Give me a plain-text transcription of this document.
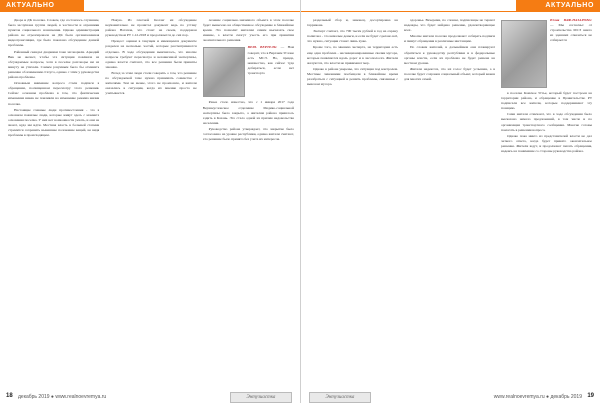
АКТУАЛЬНО

Дворе и ДК поселка. Словом, где состоялось слушание, была заслушана группа людей, в частности и охранники пунктов социального назначения. Однако администрация района не отреагировала на ДК была организованная видеотрансляция, где было показано обсуждение данной проблемы.

Районный скандал дворники тоже заговорили. Аркадий Вик не желает, чтобы эта ситуация повлияла на обсуждаемые вопросы, хотя в поселке разговоры ни на минуту не утихали. Самым разумным было бы отменить решение об изменении статуса, однако с этим у руководства района проблемы.

Основным внимание вопроса стали подписи в обращении, посвященном пересмотру этого решения. Сейчас основная проблема в том, что фактические изменения никак не повлияли на изменение режима жизни поселка.

Настоящие главные люди противостояния - это в основном пожилые люди, которые живут здесь с момента основания поселка. У них нет возможности уехать, и они не знают, куда им идти. Местная власть в большей степени стремится сохранить нынешнее положение вещей, не видя проблемы в происходящем.

Новую. Из плотной Коллег их обсуждение неуважительно не прочитал документ ведь по уставу района Вагапов, что стоит на своем, поддержан руководством РТ 1.12.2018 и продолжается до сих пор.

Процесс оценки в текущем и имеющемся документе разделен на несколько частей, которые рассматриваются отдельно. В ходе обсуждения выяснилось, что многие вопросы требуют пересмотра и независимой экспертизы, однако власти считают, что все решения были приняты законно.

Вслед за этим люди стали говорить о том, что решение по обсуждаемой теме нужно принимать совместно с жителями. Тем не менее, этого не произошло, и жители оказались в ситуации, когда их мнение просто не учитывается.

лечение социально-значимого объекта в этом поселке будет вынесено на общественное обсуждение в ближайшее время. Это позволит жителям самим высказать свое мнение, а власти смогут учесть его при принятии окончательного решения.

ВЕРА ВЕРТЕЛЬ: — Нам говорят, что в Верхнем Услоне есть МСЭ. Но, правда, неизвестно, как сейчас туда добираться, если нет транспорта

Ранее стало известно, что с 1 января 2017 года Верхнеуслонское отделение Медико-социальной экспертизы было закрыто, а жителям района пришлось ездить в Казань. Это стало одной из причин недовольства населения.

Руководство района утверждает, что закрытие было согласовано на уровне республики, однако жители считают, что решение было принято без учета их интересов.

18 декабрь 2019 ● www.realnoevremya.ru	Энтузиастка
АКТУАЛЬНО

раздельный сбор и, наконец, досортировка на терриконе.

Эксперт считает, что 700 тысяч рублей в год на охрану полигона - это немалые деньги, и если не будет сделано всё, что нужно, ситуация станет лишь хуже.

Кроме того, по мнению эксперта, на территории есть еще одна проблема - несанкционированные свалки мусора, которые появляются вдоль дорог и в лесополосах. Жители жалуются, что власти не принимают мер.

Однако в районе уверены, что ситуация под контролем. Местные чиновники пообещали в ближайшее время разобраться с ситуацией и решить проблемы, связанные с вывозом мусора.

здоровье. Вечерами, по словам, подписанцы не теряют надежды, что будет найдено решение, удовлетворяющее всех.

Многие жители поселка продолжают собирать подписи и пишут обращения в различные инстанции.

По словам жителей, в дальнейшем они планируют обратиться к руководству республики и в федеральные органы власти, если их проблема не будет решена на местном уровне.

Жители надеются, что их голос будет услышан, а в поселке будет сохранен социальный объект, который важен для многих семей.

Юлия ВАФ-НАЗАРОВА: — Мы согласны: от строительства МСЭ никто из здешних отказаться не собирается

в поселке Камское Устье, который будет построен на территории района, и обращение в Правительство РТ подписали все жители, которые поддерживают эту позицию.

Сами жители отмечают, что в ходе обсуждения было высказано немало предложений, в том числе и по организации транспортного сообщения. Многие готовы помогать в решении вопроса.

Однако пока никто из представителей власти не дал четкого ответа, когда будет принято окончательное решение. Жители ждут, и продолжают писать обращения, надеясь на понимание со стороны руководства района.

Энтузиастка	www.realnoevremya.ru ● декабрь 2019 19
